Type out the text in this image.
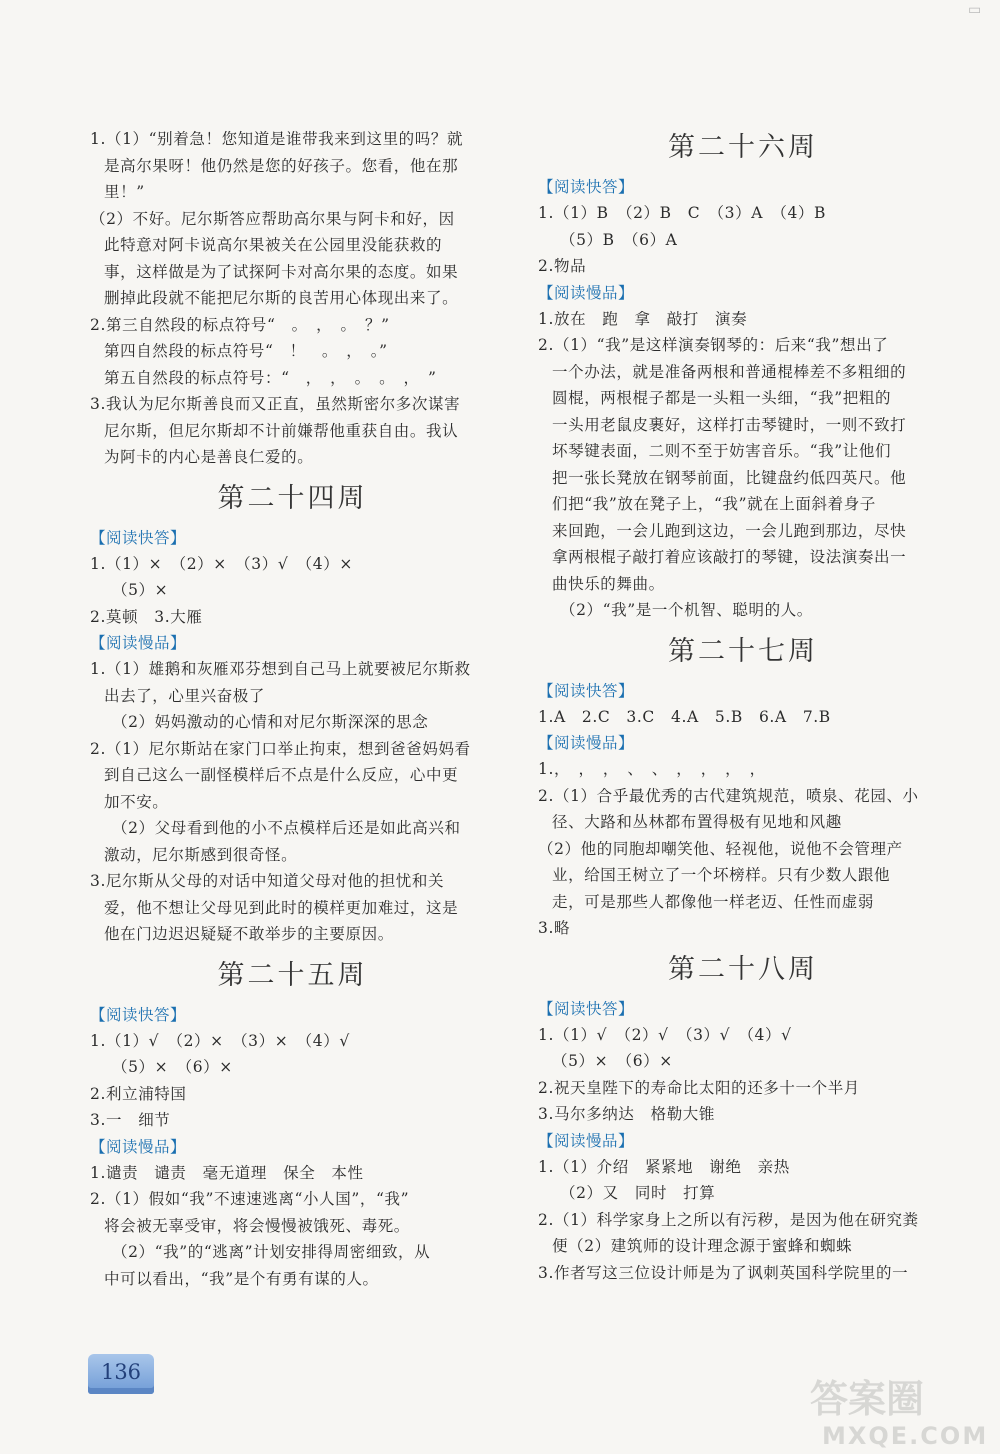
▭
1.（1）“别着急！您知道是谁带我来到这里的吗？就
是高尔果呀！他仍然是您的好孩子。您看，他在那
里！”
（2）不好。尼尔斯答应帮助高尔果与阿卡和好，因
此特意对阿卡说高尔果被关在公园里没能获救的
事，这样做是为了试探阿卡对高尔果的态度。如果
删掉此段就不能把尼尔斯的良苦用心体现出来了。
2.第三自然段的标点符号“　。　，　。　？”
第四自然段的标点符号“　！　。　，　。”
第五自然段的标点符号：“　，　，　。　。　，　”
3.我认为尼尔斯善良而又正直，虽然斯密尔多次谋害
尼尔斯，但尼尔斯却不计前嫌帮他重获自由。我认
为阿卡的内心是善良仁爱的。
第二十四周
【阅读快答】
1.（1）×　（2）×　（3）√　（4）×
（5）×
2.莫顿　3.大雁
【阅读慢品】
1.（1）雄鹅和灰雁邓芬想到自己马上就要被尼尔斯救
出去了，心里兴奋极了
（2）妈妈激动的心情和对尼尔斯深深的思念
2.（1）尼尔斯站在家门口举止拘束，想到爸爸妈妈看
到自己这么一副怪模样后不点是什么反应，心中更
加不安。
（2）父母看到他的小不点模样后还是如此高兴和
激动，尼尔斯感到很奇怪。
3.尼尔斯从父母的对话中知道父母对他的担忧和关
爱，他不想让父母见到此时的模样更加难过，这是
他在门边迟迟疑疑不敢举步的主要原因。
第二十五周
【阅读快答】
1.（1）√　（2）×　（3）×　（4）√
（5）×　（6）×
2.利立浦特国
3.一　细节
【阅读慢品】
1.谴责　谴责　毫无道理　保全　本性
2.（1）假如“我”不速速逃离“小人国”，“我”
将会被无辜受审，将会慢慢被饿死、毒死。
（2）“我”的“逃离”计划安排得周密细致，从
中可以看出，“我”是个有勇有谋的人。
第二十六周
【阅读快答】
1.（1）B　（2）B　C　（3）A　（4）B
（5）B　（6）A
2.物品
【阅读慢品】
1.放在　跑　拿　敲打　演奏
2.（1）“我”是这样演奏钢琴的：后来“我”想出了
一个办法，就是准备两根和普通棍棒差不多粗细的
圆棍，两根棍子都是一头粗一头细，“我”把粗的
一头用老鼠皮裹好，这样打击琴键时，一则不致打
坏琴键表面，二则不至于妨害音乐。“我”让他们
把一张长凳放在钢琴前面，比键盘约低四英尺。他
们把“我”放在凳子上，“我”就在上面斜着身子
来回跑，一会儿跑到这边，一会儿跑到那边，尽快
拿两根棍子敲打着应该敲打的琴键，设法演奏出一
曲快乐的舞曲。
（2）“我”是一个机智、聪明的人。
第二十七周
【阅读快答】
1.A　2.C　3.C　4.A　5.B　6.A　7.B
【阅读慢品】
1.，　，　，　、　、　，　，　，　，
2.（1）合乎最优秀的古代建筑规范，喷泉、花园、小
径、大路和丛林都布置得极有见地和风趣
（2）他的同胞却嘲笑他、轻视他，说他不会管理产
业，给国王树立了一个坏榜样。只有少数人跟他
走，可是那些人都像他一样老迈、任性而虚弱
3.略
第二十八周
【阅读快答】
1.（1）√　（2）√　（3）√　（4）√
（5）×　（6）×
2.祝天皇陛下的寿命比太阳的还多十一个半月
3.马尔多纳达　格勒大锥
【阅读慢品】
1.（1）介绍　紧紧地　谢绝　亲热
（2）又　同时　打算
2.（1）科学家身上之所以有污秽，是因为他在研究粪
便（2）建筑师的设计理念源于蜜蜂和蜘蛛
3.作者写这三位设计师是为了讽刺英国科学院里的一
136
答案圈
MXQE.COM
